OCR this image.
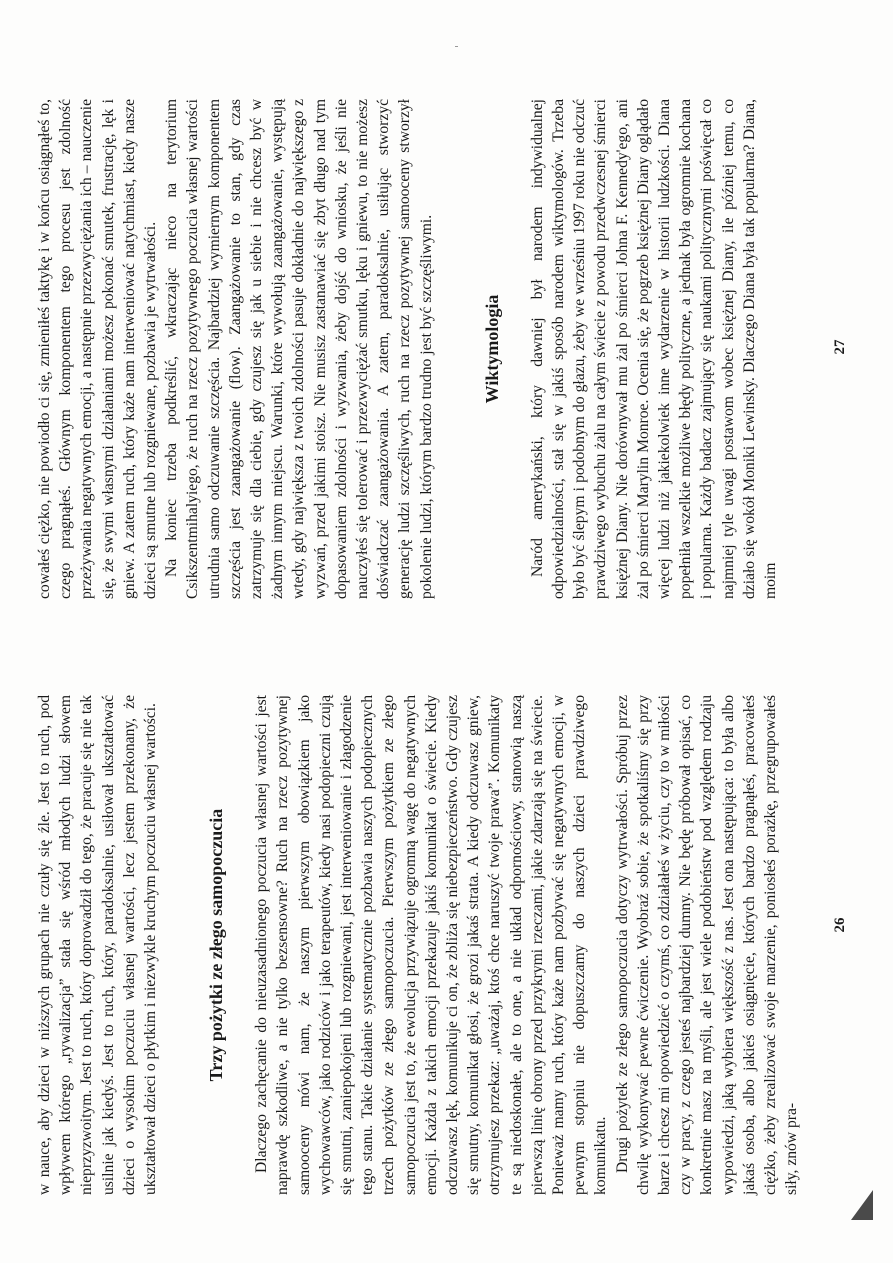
w nauce, aby dzieci w niższych grupach nie czuły się źle. Jest to ruch, pod wpływem którego „rywalizacja” stała się wśród młodych ludzi słowem nieprzyzwoitym. Jest to ruch, który doprowadził do tego, że pracuje się nie tak usilnie jak kiedyś. Jest to ruch, który, paradoksalnie, usiłował ukształtować dzieci o wysokim poczuciu własnej wartości, lecz jestem przekonany, że ukształtował dzieci o płytkim i niezwykle kruchym poczuciu własnej wartości.	Trzy pożytki ze złego samopoczucia Dlaczego zachęcanie do nieuzasadnionego poczucia własnej wartości jest naprawdę szkodliwe, a nie tylko bezsensowne? Ruch na rzecz pozytywnej samooceny mówi nam, że naszym pierwszym obowiązkiem jako wychowawców, jako rodziców i jako terapeutów, kiedy nasi podopieczni czują się smutni, zaniepokojeni lub rozgniewani, jest interweniowanie i złagodzenie tego stanu. Takie działanie systematycznie pozbawia naszych podopiecznych trzech pożytków ze złego samopoczucia. Pierwszym pożytkiem ze złego samopoczucia jest to, że ewolucja przywiązuje ogromną wagę do negatywnych emocji. Każda z takich emocji przekazuje jakiś komunikat o świecie. Kiedy odczuwasz lęk, komunikuje ci on, że zbliża się niebezpieczeństwo. Gdy czujesz się smutny, komunikat głosi, że grozi jakaś strata. A kiedy odczuwasz gniew, otrzymujesz przekaz: „uważaj, ktoś chce naruszyć twoje prawa”. Komunikaty te są niedoskonałe, ale to one, a nie układ odpornościowy, stanowią naszą pierwszą linię obrony przed przykrymi rzeczami, jakie zdarzają się na świecie. Ponieważ mamy ruch, który każe nam pozbywać się negatywnych emocji, w pewnym stopniu nie dopuszczamy do naszych dzieci prawdziwego komunikatu. Drugi pożytek ze złego samopoczucia dotyczy wytrwałości. Spróbuj przez chwilę wykonywać pewne ćwiczenie. Wyobraź sobie, że spotkaliśmy się przy barze i chcesz mi opowiedzieć o czymś, co zdziałałeś w życiu, czy to w miłości czy w pracy, z czego jesteś najbardziej dumny. Nie będę próbował opisać, co konkretnie masz na myśli, ale jest wiele podobieństw pod względem rodzaju wypowiedzi, jaką wybiera większość z nas. Jest ona następująca: to była albo jakaś osoba, albo jakieś osiągnięcie, których bardzo pragnąłeś, pracowałeś ciężko, żeby zrealizować swoje marzenie, poniosłeś porażkę, przegrupowałeś siły, znów pra-

26

cowałeś ciężko, nie powiodło ci się, zmieniłeś taktykę i w końcu osiągnąłeś to, czego pragnąłeś. Głównym komponentem tego procesu jest zdolność przeżywania negatywnych emocji, a następnie przezwyciężania ich – nauczenie się, że swymi własnymi działaniami możesz pokonać smutek, frustrację, lęk i gniew. A zatem ruch, który każe nam interweniować natychmiast, kiedy nasze dzieci są smutne lub rozgniewane, pozbawia je wytrwałości. Na koniec trzeba podkreślić, wkraczając nieco na terytorium Csikszentmihalyiego, że ruch na rzecz pozytywnego poczucia własnej wartości utrudnia samo odczuwanie szczęścia. Najbardziej wymiernym komponentem szczęścia jest zaangażowanie (flow). Zaangażowanie to stan, gdy czas zatrzymuje się dla ciebie, gdy czujesz się jak u siebie i nie chcesz być w żadnym innym miejscu. Warunki, które wywołują zaangażowanie, występują wtedy, gdy największa z twoich zdolności pasuje dokładnie do największego z wyzwań, przed jakimi stoisz. Nie musisz zastanawiać się zbyt długo nad tym dopasowaniem zdolności i wyzwania, żeby dojść do wniosku, że jeśli nie nauczyłeś się tolerować i przezwyciężać smutku, lęku i gniewu, to nie możesz doświadczać zaangażowania. A zatem, paradoksalnie, usiłując stworzyć generację ludzi szczęśliwych, ruch na rzecz pozytywnej samooceny stworzył pokolenie ludzi, którym bardzo trudno jest być szczęśliwymi.	Wiktymologia Naród amerykański, który dawniej był narodem indywidualnej odpowiedzialności, stał się w jakiś sposób narodem wiktymologów. Trzeba było być ślepym i podobnym do głazu, żeby we wrześniu 1997 roku nie odczuć prawdziwego wybuchu żalu na całym świecie z powodu przedwczesnej śmierci księżnej Diany. Nie dorównywał mu żal po śmierci Johna F. Kennedy'ego, ani żal po śmierci Marylin Monroe. Oceniа się, że pogrzeb księżnej Diany oglądało więcej ludzi niż jakiekolwiek inne wydarzenie w historii ludzkości. Diana popełniła wszelkie możliwe błędy polityczne, a jednak była ogromnie kochana i popularna. Każdy badacz zajmujący się naukami politycznymi poświęcał co najmniej tyle uwagi postawom wobec księżnej Diany, ile później temu, co działo się wokół Moniki Lewinsky. Dlaczego Diana była tak popularna? Diana, moim

27
